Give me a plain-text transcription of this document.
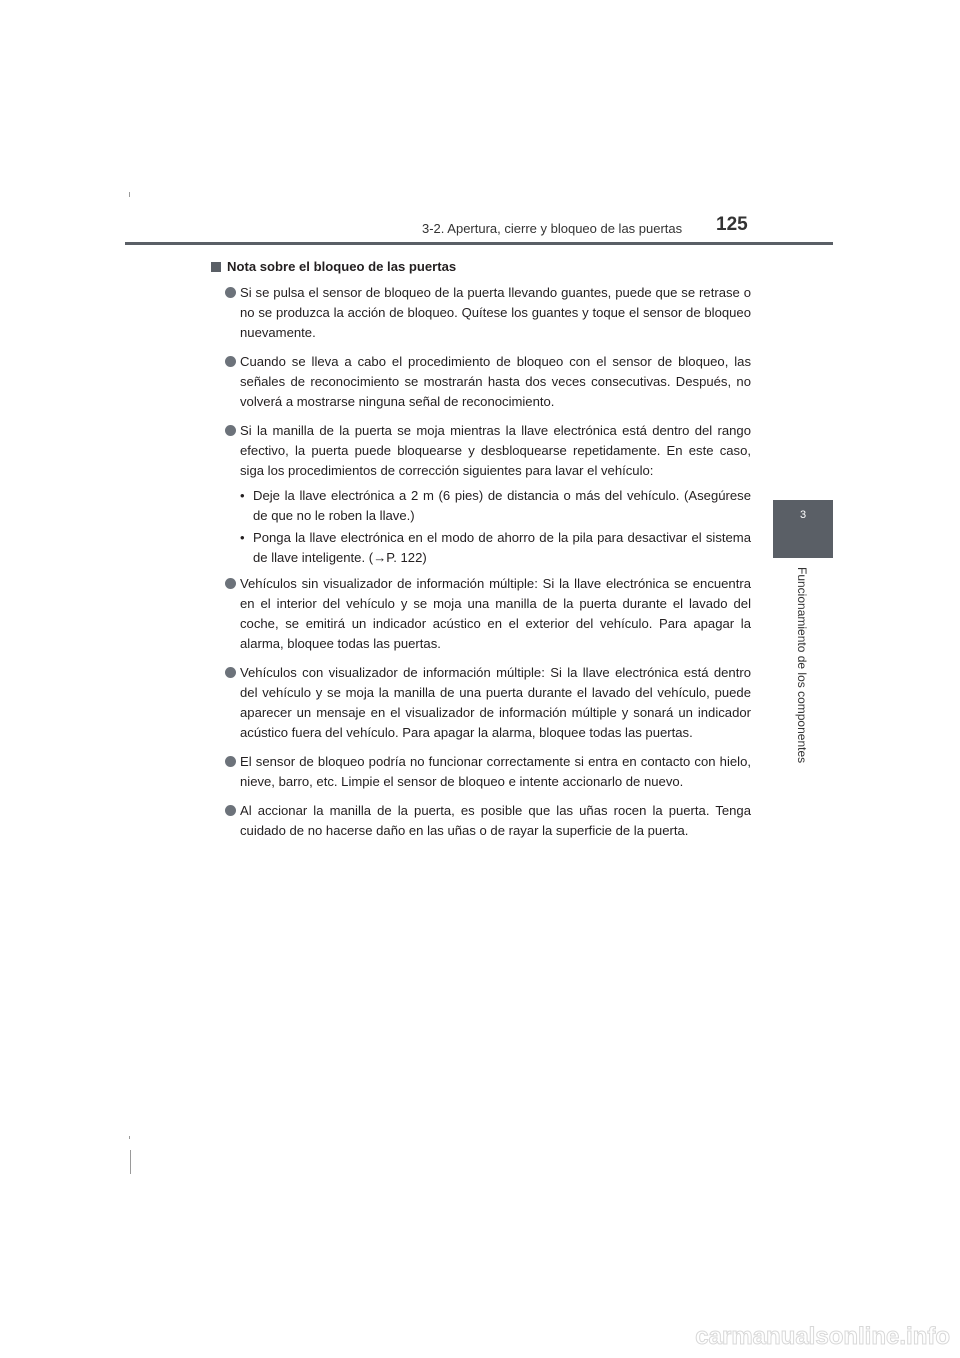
3-2. Apertura, cierre y bloqueo de las puertas 125
3
Funcionamiento de los componentes
Nota sobre el bloqueo de las puertas
Si se pulsa el sensor de bloqueo de la puerta llevando guantes, puede que se retrase o no se produzca la acción de bloqueo. Quítese los guantes y toque el sensor de bloqueo nuevamente.
Cuando se lleva a cabo el procedimiento de bloqueo con el sensor de bloqueo, las señales de reconocimiento se mostrarán hasta dos veces consecutivas. Después, no volverá a mostrarse ninguna señal de reconocimiento.
Si la manilla de la puerta se moja mientras la llave electrónica está dentro del rango efectivo, la puerta puede bloquearse y desbloquearse repetidamente. En este caso, siga los procedimientos de corrección siguientes para lavar el vehículo:
• Deje la llave electrónica a 2 m (6 pies) de distancia o más del vehículo. (Asegúrese de que no le roben la llave.)
• Ponga la llave electrónica en el modo de ahorro de la pila para desactivar el sistema de llave inteligente. (→P. 122)
Vehículos sin visualizador de información múltiple: Si la llave electrónica se encuentra en el interior del vehículo y se moja una manilla de la puerta durante el lavado del coche, se emitirá un indicador acústico en el exterior del vehículo. Para apagar la alarma, bloquee todas las puertas.
Vehículos con visualizador de información múltiple: Si la llave electrónica está dentro del vehículo y se moja la manilla de una puerta durante el lavado del vehículo, puede aparecer un mensaje en el visualizador de información múltiple y sonará un indicador acústico fuera del vehículo. Para apagar la alarma, bloquee todas las puertas.
El sensor de bloqueo podría no funcionar correctamente si entra en contacto con hielo, nieve, barro, etc. Limpie el sensor de bloqueo e intente accionarlo de nuevo.
Al accionar la manilla de la puerta, es posible que las uñas rocen la puerta. Tenga cuidado de no hacerse daño en las uñas o de rayar la superficie de la puerta.
carmanualsonline.info
